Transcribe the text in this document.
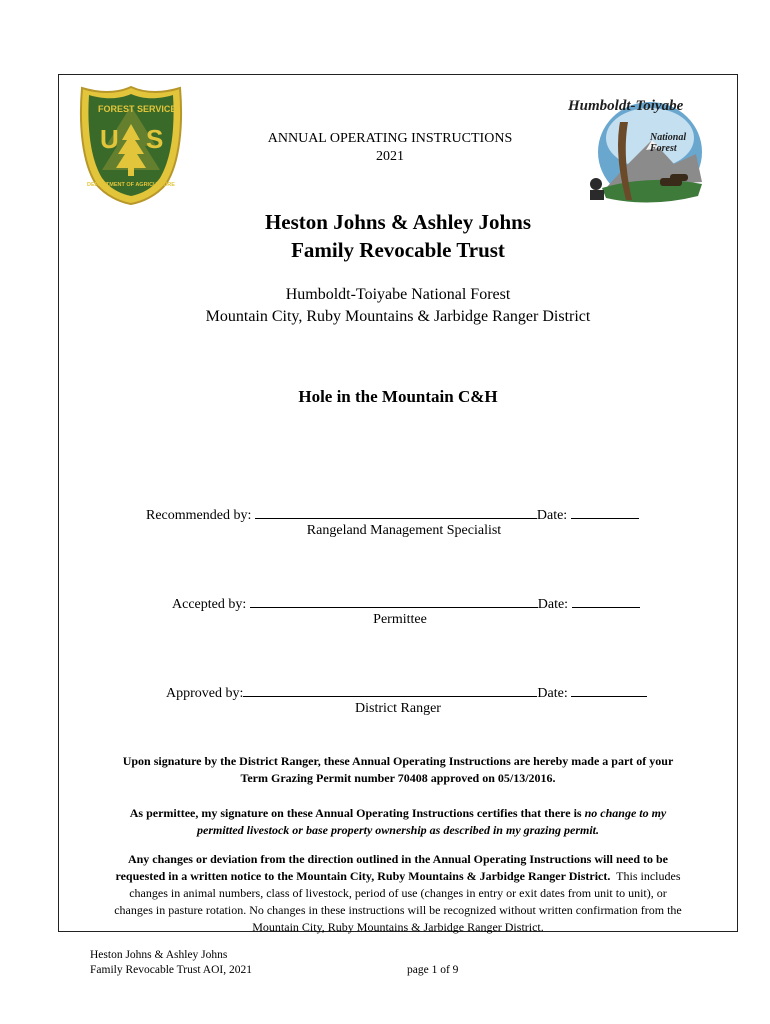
FOREST SERVICE
U S
DEPARTMENT OF AGRICULTURE
Humboldt-Toiyabe
National Forest
ANNUAL OPERATING INSTRUCTIONS
2021
Heston Johns & Ashley Johns
Family Revocable Trust
Humboldt-Toiyabe National Forest
Mountain City, Ruby Mountains & Jarbidge Ranger District
Hole in the Mountain C&H
Recommended by:	Date:
Rangeland Management Specialist
Accepted by:	Date:
Permittee
Approved by:	Date:
District Ranger
Upon signature by the District Ranger, these Annual Operating Instructions are hereby made a part of your
Term Grazing Permit number 70408 approved on 05/13/2016.
As permittee, my signature on these Annual Operating Instructions certifies that there is no change to my
permitted livestock or base property ownership as described in my grazing permit.
Any changes or deviation from the direction outlined in the Annual Operating Instructions will need to be
requested in a written notice to the Mountain City, Ruby Mountains & Jarbidge Ranger District. This includes
changes in animal numbers, class of livestock, period of use (changes in entry or exit dates from unit to unit), or
changes in pasture rotation. No changes in these instructions will be recognized without written confirmation from the
Mountain City, Ruby Mountains & Jarbidge Ranger District.
Heston Johns & Ashley Johns
Family Revocable Trust AOI, 2021	page 1 of 9
